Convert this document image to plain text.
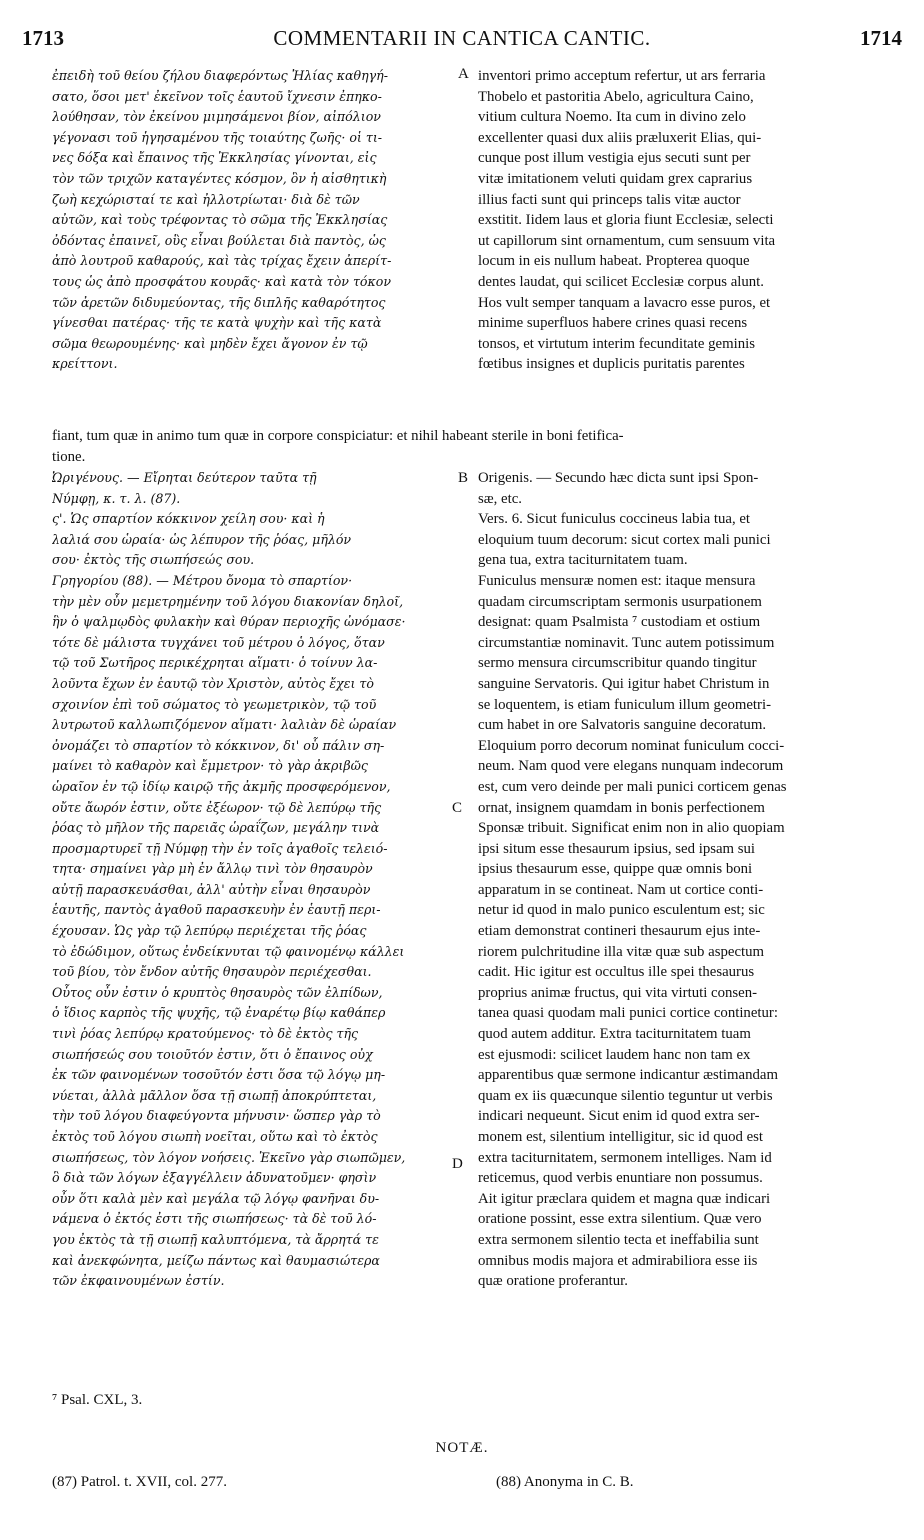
1713	COMMENTARII IN CANTICA CANTIC.	1714
ἐπειδὴ τοῦ θείου ζήλου διαφερόντως Ἠλίας καθηγή-
σατο, ὅσοι μετ' ἐκεῖνον τοῖς ἑαυτοῦ ἴχνεσιν ἐπηκο-
λούθησαν, τὸν ἐκείνου μιμησάμενοι βίον, αἰπόλιον
γέγονασι τοῦ ἡγησαμένου τῆς τοιαύτης ζωῆς· οἱ τι-
νες δόξα καὶ ἔπαινος τῆς Ἐκκλησίας γίνονται, εἰς
τὸν τῶν τριχῶν καταγέντες κόσμον, ὃν ἡ αἰσθητικὴ
ζωὴ κεχώρισταί τε καὶ ἠλλοτρίωται· διὰ δὲ τῶν
αὐτῶν, καὶ τοὺς τρέφοντας τὸ σῶμα τῆς Ἐκκλησίας
ὀδόντας ἐπαινεῖ, οὓς εἶναι βούλεται διὰ παντὸς, ὡς
ἀπὸ λουτροῦ καθαρούς, καὶ τὰς τρίχας ἔχειν ἀπερίτ-
τους ὡς ἀπὸ προσφάτου κουρᾶς· καὶ κατὰ τὸν τόκον
τῶν ἀρετῶν διδυμεύοντας, τῆς διπλῆς καθαρότητος
γίνεσθαι πατέρας· τῆς τε κατὰ ψυχὴν καὶ τῆς κατὰ
σῶμα θεωρουμένης· καὶ μηδὲν ἔχει ἄγονον ἐν τῷ
κρείττονι.
inventori primo acceptum refertur, ut ars ferraria
Thobelo et pastoritia Abelo, agricultura Caino,
vitium cultura Noemo. Ita cum in divino zelo
excellenter quasi dux aliis præluxerit Elias, qui-
cunque post illum vestigia ejus secuti sunt per
vitæ imitationem veluti quidam grex caprarius
illius facti sunt qui princeps talis vitæ auctor
exstitit. Iidem laus et gloria fiunt Ecclesiæ, selecti
ut capillorum sint ornamentum, cum sensuum vita
locum in eis nullum habeat. Propterea quoque
dentes laudat, qui scilicet Ecclesiæ corpus alunt.
Hos vult semper tanquam a lavacro esse puros, et
minime superfluos habere crines quasi recens
tonsos, et virtutum interim fecunditate geminis
fœtibus insignes et duplicis puritatis parentes
A
fiant, tum quæ in animo tum quæ in corpore conspiciatur: et nihil habeant sterile in boni fetifica-
tione.
B
Ὠριγένους. — Εἴρηται δεύτερον ταῦτα τῇ
Νύμφῃ, κ. τ. λ. (87).
ς'. Ὡς σπαρτίον κόκκινον χείλη σου· καὶ ἡ
λαλιά σου ὡραία· ὡς λέπυρον τῆς ῥόας, μῆλόν
σου· ἐκτὸς τῆς σιωπήσεώς σου.
Γρηγορίου (88). — Μέτρου ὄνομα τὸ σπαρτίον·
τὴν μὲν οὖν μεμετρημένην τοῦ λόγου διακονίαν δηλοῖ,
ἣν ὁ ψαλμῳδὸς φυλακὴν καὶ θύραν περιοχῆς ὠνόμασε·
τότε δὲ μάλιστα τυγχάνει τοῦ μέτρου ὁ λόγος, ὅταν
τῷ τοῦ Σωτῆρος περικέχρηται αἵματι· ὁ τοίνυν λα-
λοῦντα ἔχων ἐν ἑαυτῷ τὸν Χριστὸν, αὐτὸς ἔχει τὸ
σχοινίον ἐπὶ τοῦ σώματος τὸ γεωμετρικὸν, τῷ τοῦ
λυτρωτοῦ καλλωπιζόμενον αἵματι· λαλιὰν δὲ ὡραίαν
ὀνομάζει τὸ σπαρτίον τὸ κόκκινον, δι' οὗ πάλιν ση-
μαίνει τὸ καθαρὸν καὶ ἔμμετρον· τὸ γὰρ ἀκριβῶς
ὡραῖον ἐν τῷ ἰδίῳ καιρῷ τῆς ἀκμῆς προσφερόμενον,
οὔτε ἄωρόν ἐστιν, οὔτε ἐξέωρον· τῷ δὲ λεπύρῳ τῆς
ῥόας τὸ μῆλον τῆς παρειᾶς ὡραΐζων, μεγάλην τινὰ
προσμαρτυρεῖ τῇ Νύμφῃ τὴν ἐν τοῖς ἀγαθοῖς τελειό-
τητα· σημαίνει γὰρ μὴ ἐν ἄλλῳ τινὶ τὸν θησαυρὸν
αὐτῇ παρασκευάσθαι, ἀλλ' αὐτὴν εἶναι θησαυρὸν
ἑαυτῆς, παντὸς ἀγαθοῦ παρασκευὴν ἐν ἑαυτῇ περι-
έχουσαν. Ὡς γὰρ τῷ λεπύρῳ περιέχεται τῆς ῥόας
τὸ ἐδώδιμον, οὕτως ἐνδείκνυται τῷ φαινομένῳ κάλλει
τοῦ βίου, τὸν ἔνδον αὐτῆς θησαυρὸν περιέχεσθαι.
Οὗτος οὖν ἐστιν ὁ κρυπτὸς θησαυρὸς τῶν ἐλπίδων,
ὁ ἴδιος καρπὸς τῆς ψυχῆς, τῷ ἐναρέτῳ βίῳ καθάπερ
τινὶ ῥόας λεπύρῳ κρατούμενος· τὸ δὲ ἐκτὸς τῆς
σιωπήσεώς σου τοιοῦτόν ἐστιν, ὅτι ὁ ἔπαινος οὐχ
ἐκ τῶν φαινομένων τοσοῦτόν ἐστι ὅσα τῷ λόγῳ μη-
νύεται, ἀλλὰ μᾶλλον ὅσα τῇ σιωπῇ ἀποκρύπτεται,
τὴν τοῦ λόγου διαφεύγοντα μήνυσιν· ὥσπερ γὰρ τὸ
ἐκτὸς τοῦ λόγου σιωπὴ νοεῖται, οὕτω καὶ τὸ ἐκτὸς
σιωπήσεως, τὸν λόγον νοήσεις. Ἐκεῖνο γὰρ σιωπῶμεν,
ὃ διὰ τῶν λόγων ἐξαγγέλλειν ἀδυνατοῦμεν· φησὶν
οὖν ὅτι καλὰ μὲν καὶ μεγάλα τῷ λόγῳ φανῆναι δυ-
νάμενα ὁ ἐκτός ἐστι τῆς σιωπήσεως· τὰ δὲ τοῦ λό-
γου ἐκτὸς τὰ τῇ σιωπῇ καλυπτόμενα, τὰ ἄρρητά τε
καὶ ἀνεκφώνητα, μείζω πάντως καὶ θαυμασιώτερα
τῶν ἐκφαινουμένων ἐστίν.
Origenis. — Secundo hæc dicta sunt ipsi Spon-
sæ, etc.
Vers. 6. Sicut funiculus coccineus labia tua, et
eloquium tuum decorum: sicut cortex mali punici
gena tua, extra taciturnitatem tuam.
Funiculus mensuræ nomen est: itaque mensura
quadam circumscriptam sermonis usurpationem
designat: quam Psalmista ⁷ custodiam et ostium
circumstantiæ nominavit. Tunc autem potissimum
sermo mensura circumscribitur quando tingitur
sanguine Servatoris. Qui igitur habet Christum in
se loquentem, is etiam funiculum illum geometri-
cum habet in ore Salvatoris sanguine decoratum.
Eloquium porro decorum nominat funiculum cocci-
neum. Nam quod vere elegans nunquam indecorum
est, cum vero deinde per mali punici corticem genas
ornat, insignem quamdam in bonis perfectionem
Sponsæ tribuit. Significat enim non in alio quopiam
ipsi situm esse thesaurum ipsius, sed ipsam sui
ipsius thesaurum esse, quippe quæ omnis boni
apparatum in se contineat. Nam ut cortice conti-
netur id quod in malo punico esculentum est; sic
etiam demonstrat contineri thesaurum ejus inte-
riorem pulchritudine illa vitæ quæ sub aspectum
cadit. Hic igitur est occultus ille spei thesaurus
proprius animæ fructus, qui vita virtuti consen-
tanea quasi quodam mali punici cortice continetur:
quod autem additur. Extra taciturnitatem tuam
est ejusmodi: scilicet laudem hanc non tam ex
apparentibus quæ sermone indicantur æstimandam
quam ex iis quæcunque silentio teguntur ut verbis
indicari nequeunt. Sicut enim id quod extra ser-
monem est, silentium intelligitur, sic id quod est
extra taciturnitatem, sermonem intelliges. Nam id
reticemus, quod verbis enuntiare non possumus.
Ait igitur præclara quidem et magna quæ indicari
oratione possint, esse extra silentium. Quæ vero
extra sermonem silentio tecta et ineffabilia sunt
omnibus modis majora et admirabiliora esse iis
quæ oratione proferantur.
C
D
⁷ Psal. CXL, 3.
NOTÆ.
(87) Patrol. t. XVII, col. 277.	(88) Anonyma in C. B.
